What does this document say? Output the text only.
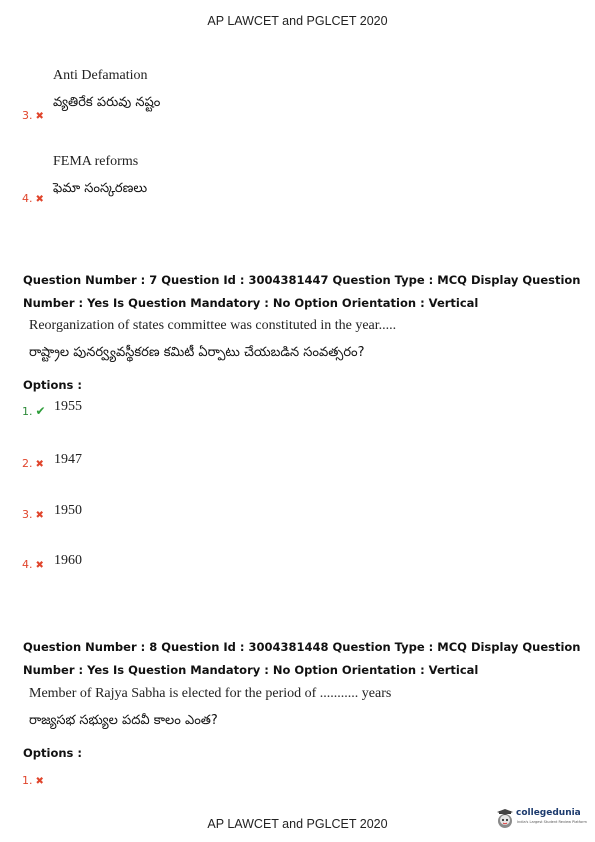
AP LAWCET and PGLCET 2020
Anti Defamation
3. ✖
వ్యతిరేక పరువు నష్టం
FEMA reforms
4. ✖
ఫెమా సంస్కరణలు
Question Number : 7 Question Id : 3004381447 Question Type : MCQ Display Question
Number : Yes Is Question Mandatory : No Option Orientation : Vertical
Reorganization of states committee was constituted in the year.....
రాష్ట్రాల పునర్వ్యవస్థీకరణ కమిటీ ఏర్పాటు చేయబడిన సంవత్సరం?
Options :
1. ✔ 1955
2. ✖ 1947
3. ✖ 1950
4. ✖ 1960
Question Number : 8 Question Id : 3004381448 Question Type : MCQ Display Question
Number : Yes Is Question Mandatory : No Option Orientation : Vertical
Member of Rajya Sabha is elected for the period of ........... years
రాజ్యసభ సభ్యుల పదవీ కాలం ఎంత?
Options :
1. ✖
AP LAWCET and PGLCET 2020
collegedunia
India's Largest Student Review Platform
